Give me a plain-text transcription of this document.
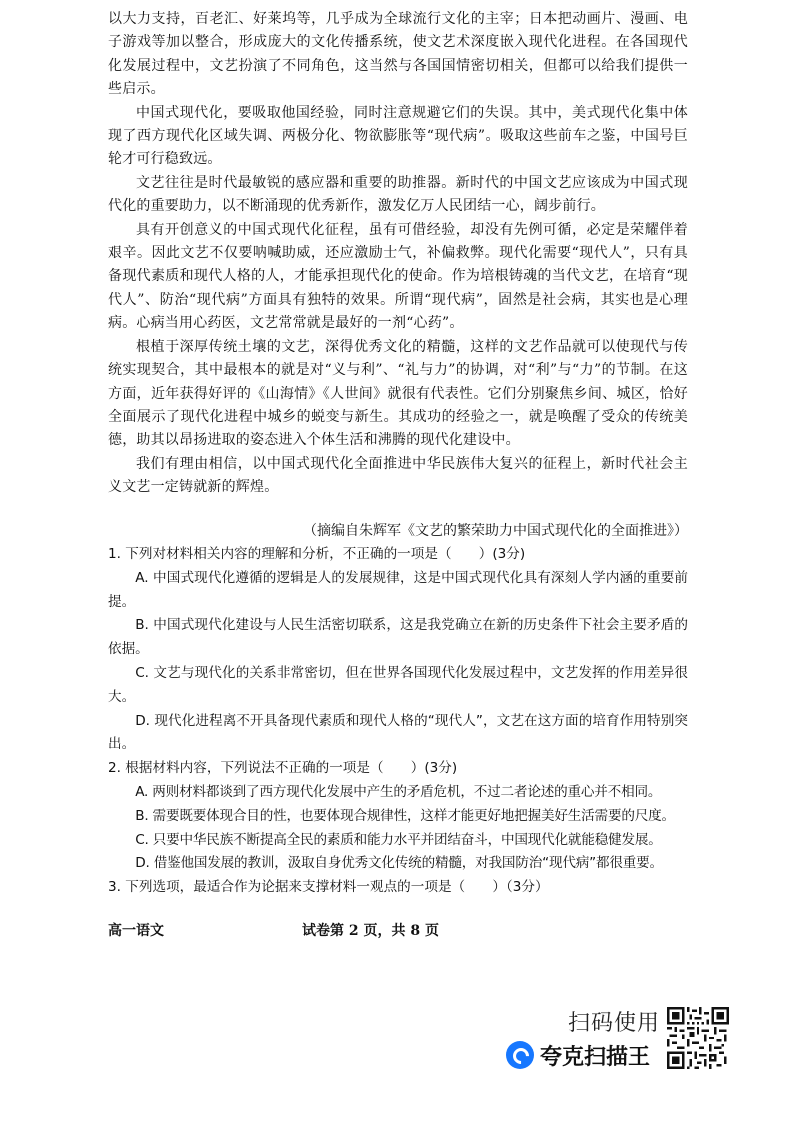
以大力支持，百老汇、好莱坞等，几乎成为全球流行文化的主宰；日本把动画片、漫画、电子游戏等加以整合，形成庞大的文化传播系统，使文艺术深度嵌入现代化进程。在各国现代化发展过程中，文艺扮演了不同角色，这当然与各国国情密切相关，但都可以给我们提供一些启示。

中国式现代化，要吸取他国经验，同时注意规避它们的失误。其中，美式现代化集中体现了西方现代化区域失调、两极分化、物欲膨胀等“现代病”。吸取这些前车之鉴，中国号巨轮才可行稳致远。

文艺往往是时代最敏锐的感应器和重要的助推器。新时代的中国文艺应该成为中国式现代化的重要助力，以不断涌现的优秀新作，激发亿万人民团结一心，阔步前行。

具有开创意义的中国式现代化征程，虽有可借经验，却没有先例可循，必定是荣耀伴着艰辛。因此文艺不仅要呐喊助威，还应激励士气，补偏救弊。现代化需要“现代人”，只有具备现代素质和现代人格的人，才能承担现代化的使命。作为培根铸魂的当代文艺，在培育“现代人”、防治“现代病”方面具有独特的效果。所谓“现代病”，固然是社会病，其实也是心理病。心病当用心药医，文艺常常就是最好的一剂“心药”。

根植于深厚传统土壤的文艺，深得优秀文化的精髓，这样的文艺作品就可以使现代与传统实现契合，其中最根本的就是对“义与利”、“礼与力”的协调，对“利”与“力”的节制。在这方面，近年获得好评的《山海情》《人世间》就很有代表性。它们分别聚焦乡间、城区，恰好全面展示了现代化进程中城乡的蜕变与新生。其成功的经验之一，就是唤醒了受众的传统美德，助其以昂扬进取的姿态进入个体生活和沸腾的现代化建设中。

我们有理由相信，以中国式现代化全面推进中华民族伟大复兴的征程上，新时代社会主义文艺一定铸就新的辉煌。

（摘编自朱辉军《文艺的繁荣助力中国式现代化的全面推进》）

1. 下列对材料相关内容的理解和分析，不正确的一项是（　　）(3分)

A. 中国式现代化遵循的逻辑是人的发展规律，这是中国式现代化具有深刻人学内涵的重要前提。

B. 中国式现代化建设与人民生活密切联系，这是我党确立在新的历史条件下社会主要矛盾的依据。

C. 文艺与现代化的关系非常密切，但在世界各国现代化发展过程中，文艺发挥的作用差异很大。

D. 现代化进程离不开具备现代素质和现代人格的“现代人”，文艺在这方面的培育作用特别突出。

2. 根据材料内容，下列说法不正确的一项是（　　）(3分)

A. 两则材料都谈到了西方现代化发展中产生的矛盾危机，不过二者论述的重心并不相同。

B. 需要既要体现合目的性，也要体现合规律性，这样才能更好地把握美好生活需要的尺度。

C. 只要中华民族不断提高全民的素质和能力水平并团结奋斗，中国现代化就能稳健发展。

D. 借鉴他国发展的教训，汲取自身优秀文化传统的精髓，对我国防治“现代病”都很重要。

3. 下列选项，最适合作为论据来支撑材料一观点的一项是（　　）（3分）

高一语文	试卷第 2 页，共 8 页
扫码使用
夸克扫描王
